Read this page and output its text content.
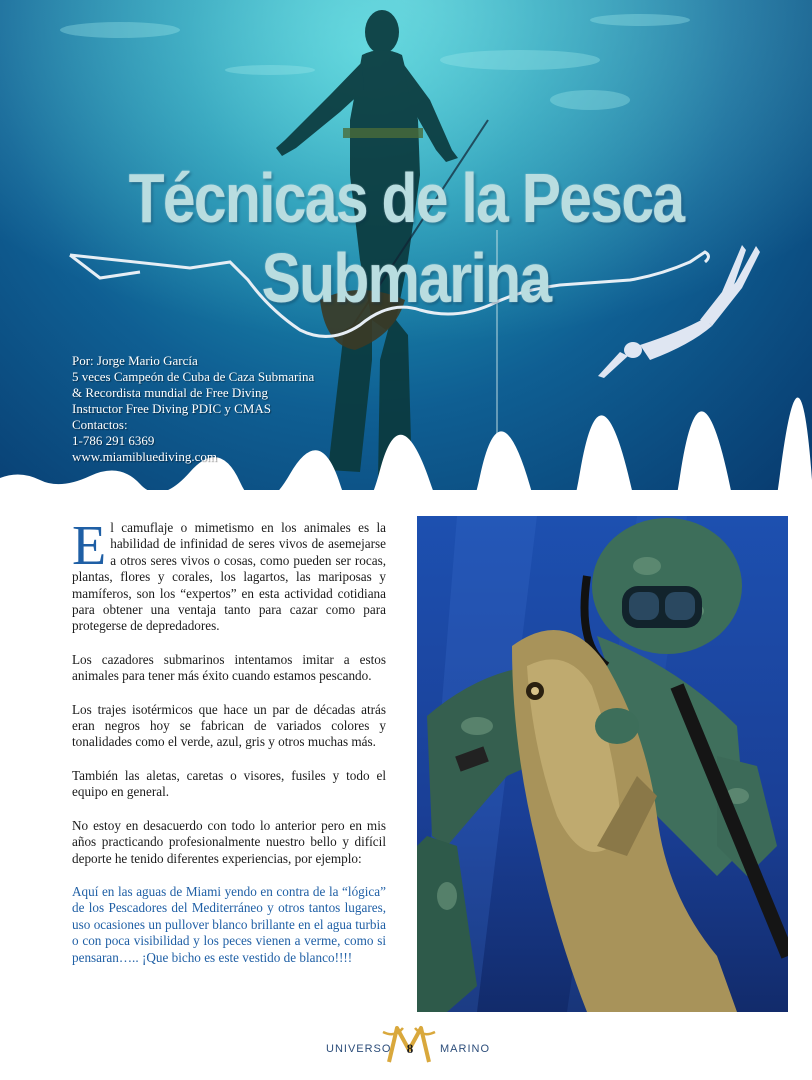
Técnicas de la Pesca Submarina
Por: Jorge Mario García
5 veces Campeón de Cuba de Caza Submarina
& Recordista mundial de Free Diving
Instructor Free Diving PDIC y CMAS
Contactos:
1-786 291 6369
www.miamibluediving.com

El camuflaje o mimetismo en los animales es la habilidad de infinidad de seres vivos de asemejarse a otros seres vivos o cosas, como pueden ser rocas, plantas, flores y corales, los lagartos, las mariposas y mamíferos, son los “expertos” en esta actividad cotidiana para obtener una ventaja tanto para cazar como para protegerse de depredadores.

Los cazadores submarinos intentamos imitar a estos animales para tener más éxito cuando estamos pescando.

Los trajes isotérmicos que hace un par de décadas atrás eran negros hoy se fabrican de variados colores y tonalidades como el verde, azul, gris y otros muchas más.

También las aletas, caretas o visores, fusiles y todo el equipo en general.

No estoy en desacuerdo con todo lo anterior pero en mis años practicando profesionalmente nuestro bello y difícil deporte he tenido diferentes experiencias, por ejemplo:

Aquí en las aguas de Miami yendo en contra de la “lógica” de los Pescadores del Mediterráneo y otros tantos lugares, uso ocasiones un pullover blanco brillante en el agua turbia o con poca visibilidad y los peces vienen a verme, como si pensaran….. ¡Que bicho es este vestido de blanco!!!!

UNIVERSO 8	MARINO
